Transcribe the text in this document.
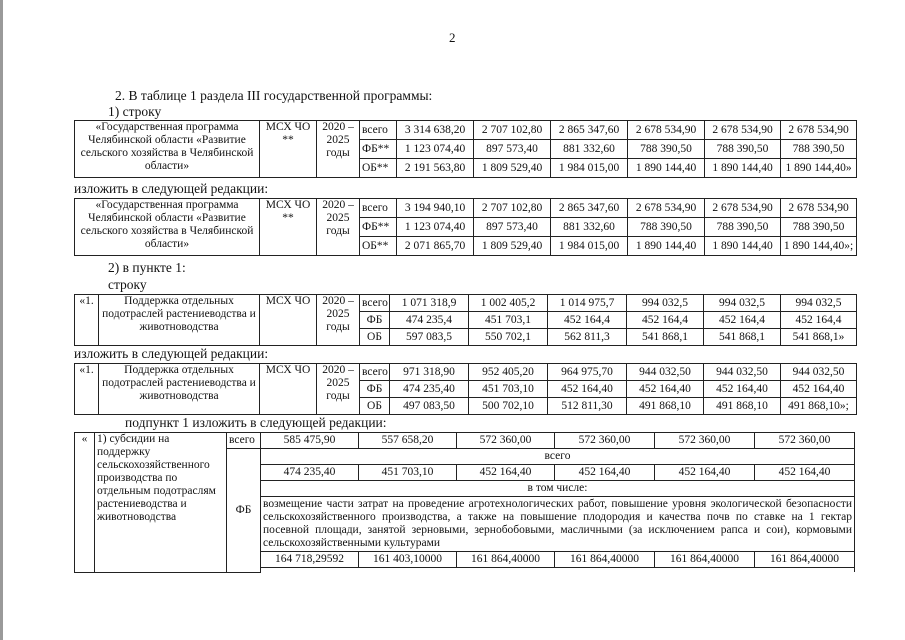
2
2. В таблице 1 раздела III государственной программы:
1) строку
«Государственная программа Челябинской области «Развитие сельского хозяйства в Челябинской области»	МСХ ЧО **	2020 – 2025 годы	всего	3 314 638,20	2 707 102,80	2 865 347,60	2 678 534,90	2 678 534,90	2 678 534,90
			ФБ**	1 123 074,40	897 573,40	881 332,60	788 390,50	788 390,50	788 390,50
			ОБ**	2 191 563,80	1 809 529,40	1 984 015,00	1 890 144,40	1 890 144,40	1 890 144,40»
изложить в следующей редакции:
«Государственная программа Челябинской области «Развитие сельского хозяйства в Челябинской области»	МСХ ЧО **	2020 – 2025 годы	всего	3 194 940,10	2 707 102,80	2 865 347,60	2 678 534,90	2 678 534,90	2 678 534,90
			ФБ**	1 123 074,40	897 573,40	881 332,60	788 390,50	788 390,50	788 390,50
			ОБ**	2 071 865,70	1 809 529,40	1 984 015,00	1 890 144,40	1 890 144,40	1 890 144,40»;
2) в пункте 1:
строку
«1.	Поддержка отдельных подотраслей растениеводства и животноводства	МСХ ЧО	2020 – 2025 годы	всего	1 071 318,9	1 002 405,2	1 014 975,7	994 032,5	994 032,5	994 032,5
				ФБ	474 235,4	451 703,1	452 164,4	452 164,4	452 164,4	452 164,4
				ОБ	597 083,5	550 702,1	562 811,3	541 868,1	541 868,1	541 868,1»
изложить в следующей редакции:
«1.	Поддержка отдельных подотраслей растениеводства и животноводства	МСХ ЧО	2020 – 2025 годы	всего	971 318,90	952 405,20	964 975,70	944 032,50	944 032,50	944 032,50
				ФБ	474 235,40	451 703,10	452 164,40	452 164,40	452 164,40	452 164,40
				ОБ	497 083,50	500 702,10	512 811,30	491 868,10	491 868,10	491 868,10»;
подпункт 1 изложить в следующей редакции:
«	1) субсидии на поддержку сельскохозяйственного производства по отдельным подотраслям растениеводства и животноводства	всего	585 475,90	557 658,20	572 360,00	572 360,00	572 360,00	572 360,00
		ФБ	всего					
			474 235,40	451 703,10	452 164,40	452 164,40	452 164,40	452 164,40
			в том числе:					
			возмещение части затрат на проведение агротехнологических работ, повышение уровня экологической безопасности сельскохозяйственного производства, а также на повышение плодородия и качества почв по ставке на 1 гектар посевной площади, занятой зерновыми, зернобобовыми, масличными (за исключением рапса и сои), кормовыми сельскохозяйственными культурами					
			164 718,29592	161 403,10000	161 864,40000	161 864,40000	161 864,40000	161 864,40000
